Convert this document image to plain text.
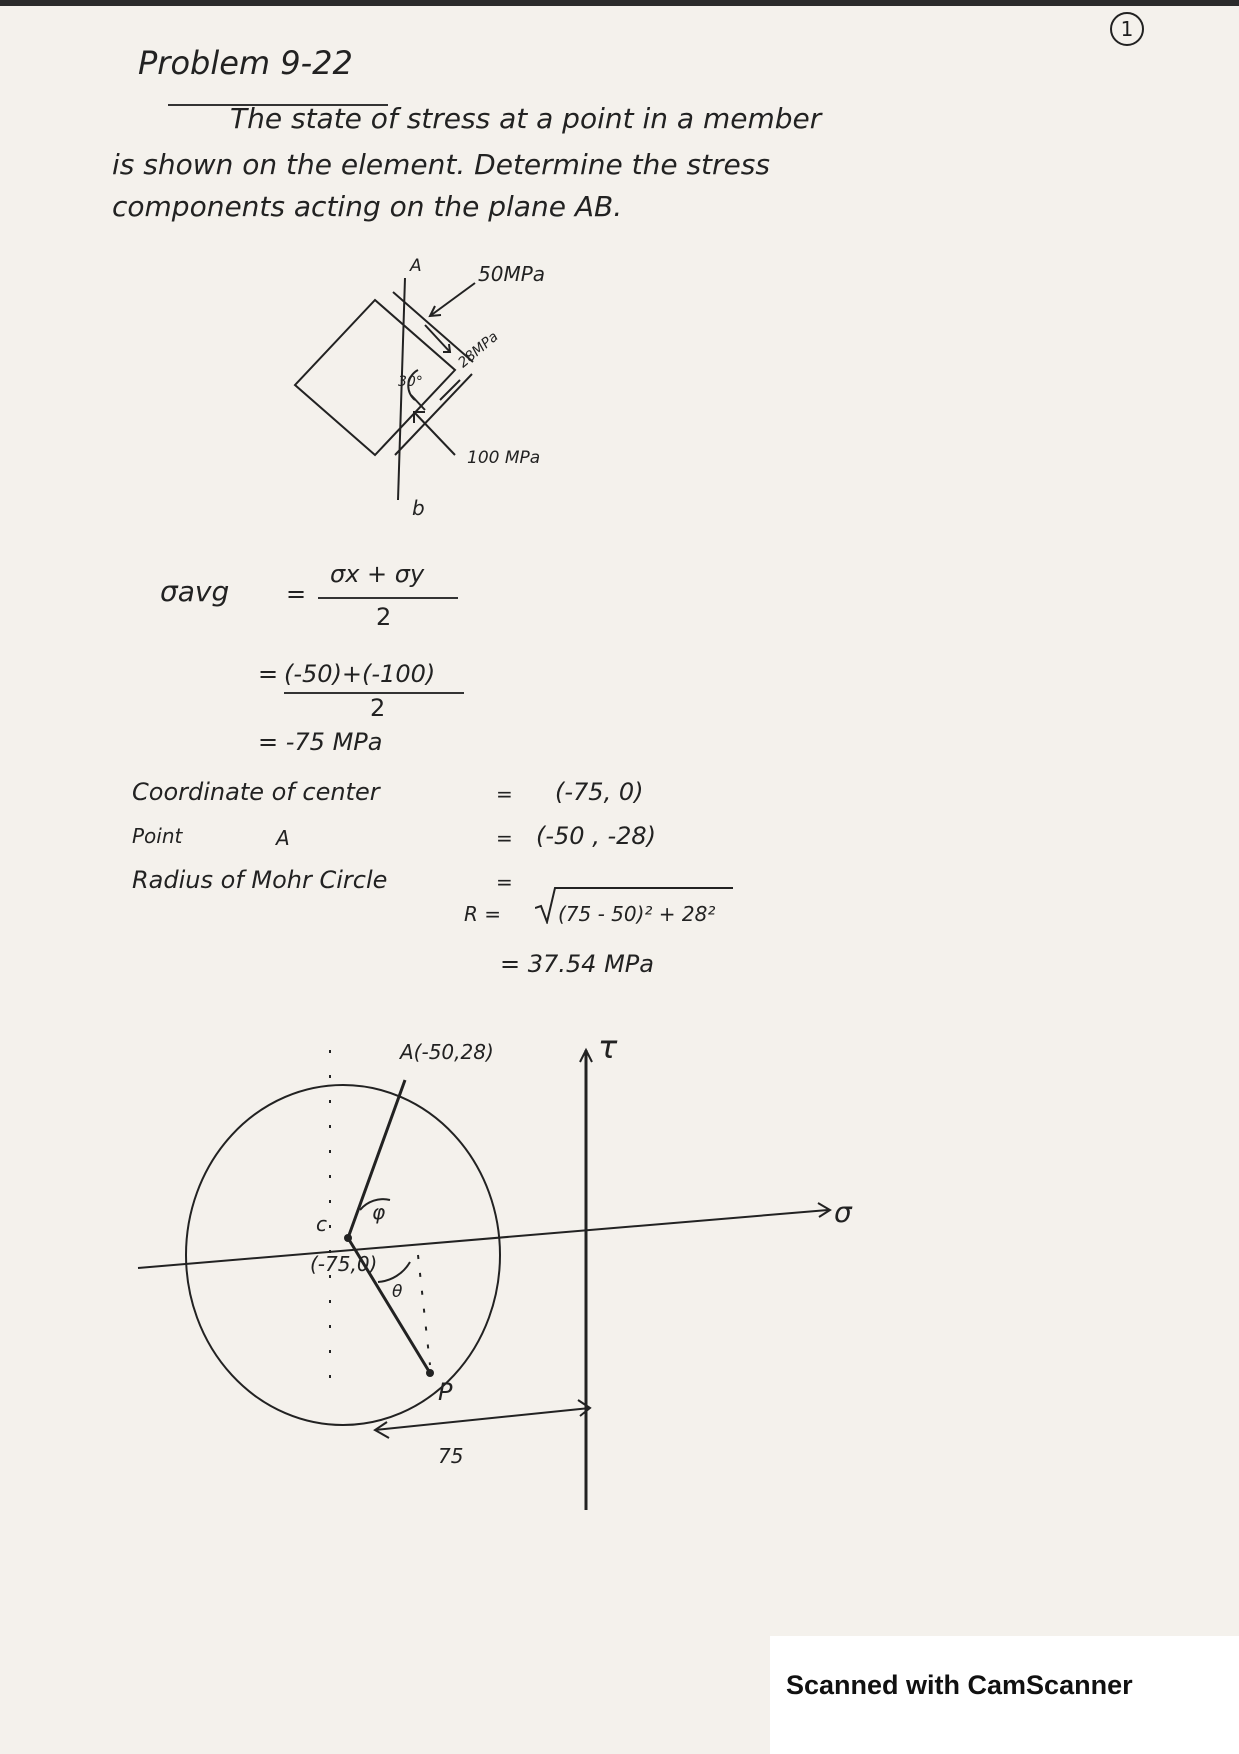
1
Problem 9-22
The state of stress at a point in a member
is shown on the element. Determine the stress
components acting on the plane AB.
A	50MPa
28MPa
30°
100 MPa
b
σavg =
σx + σy
2
= (-50)+(-100)
2
= -75 MPa
Coordinate of center	= (-75, 0)
Point	A	= (-50 , -28)
Radius of Mohr Circle	=
R =	(75 - 50)² + 28²
= 37.54 MPa
A(-50,28)	τ
σ
c
(-75,0)
φ
θ
P
75
Scanned with CamScanner
